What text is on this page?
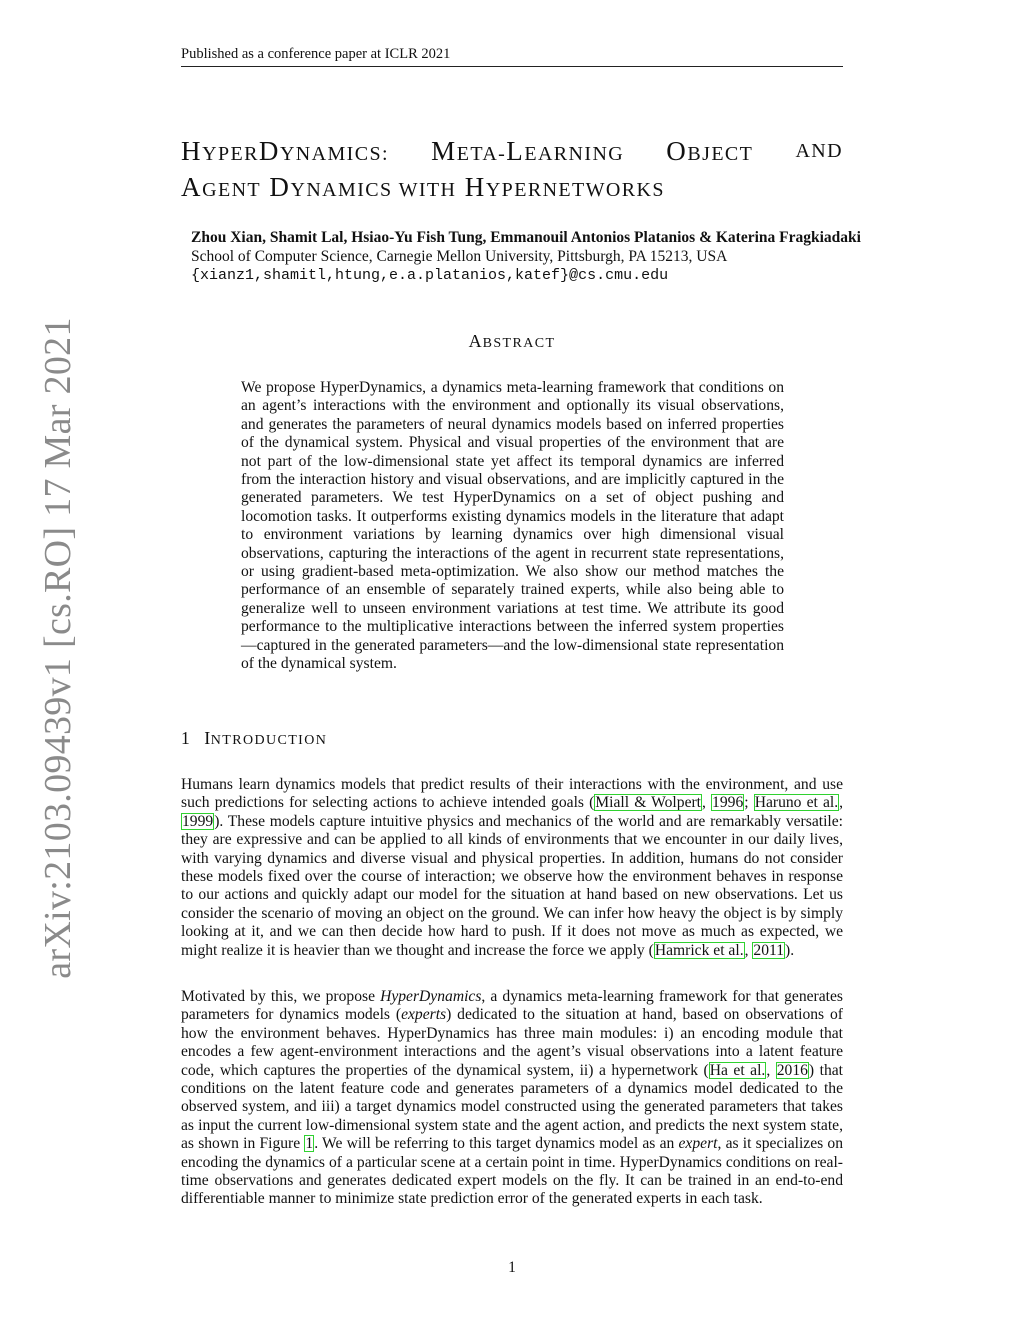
Published as a conference paper at ICLR 2021
arXiv:2103.09439v1 [cs.RO] 17 Mar 2021
HYPERDYNAMICS: META-LEARNING OBJECT AND
AGENT DYNAMICS WITH HYPERNETWORKS
Zhou Xian, Shamit Lal, Hsiao-Yu Fish Tung, Emmanouil Antonios Platanios & Katerina Fragkiadaki
School of Computer Science, Carnegie Mellon University, Pittsburgh, PA 15213, USA
{xianz1,shamitl,htung,e.a.platanios,katef}@cs.cmu.edu
ABSTRACT
We propose HyperDynamics, a dynamics meta-learning framework that conditions on an agent’s interactions with the environment and optionally its visual observations, and generates the parameters of neural dynamics models based on inferred properties of the dynamical system. Physical and visual properties of the environment that are not part of the low-dimensional state yet affect its temporal dynamics are inferred from the interaction history and visual observations, and are implicitly captured in the generated parameters. We test HyperDynamics on a set of object pushing and locomotion tasks. It outperforms existing dynamics models in the literature that adapt to environment variations by learning dynamics over high dimensional visual observations, capturing the interactions of the agent in recurrent state representations, or using gradient-based meta-optimization. We also show our method matches the performance of an ensemble of separately trained experts, while also being able to generalize well to unseen environment variations at test time. We attribute its good performance to the multiplicative interactions between the inferred system properties—captured in the generated parameters—and the low-dimensional state representation of the dynamical system.
1 INTRODUCTION
Humans learn dynamics models that predict results of their interactions with the environment, and use such predictions for selecting actions to achieve intended goals (Miall & Wolpert, 1996; Haruno et al., 1999). These models capture intuitive physics and mechanics of the world and are remarkably versatile: they are expressive and can be applied to all kinds of environments that we encounter in our daily lives, with varying dynamics and diverse visual and physical properties. In addition, humans do not consider these models fixed over the course of interaction; we observe how the environment behaves in response to our actions and quickly adapt our model for the situation at hand based on new observations. Let us consider the scenario of moving an object on the ground. We can infer how heavy the object is by simply looking at it, and we can then decide how hard to push. If it does not move as much as expected, we might realize it is heavier than we thought and increase the force we apply (Hamrick et al., 2011).
Motivated by this, we propose HyperDynamics, a dynamics meta-learning framework for that generates parameters for dynamics models (experts) dedicated to the situation at hand, based on observations of how the environment behaves. HyperDynamics has three main modules: i) an encoding module that encodes a few agent-environment interactions and the agent’s visual observations into a latent feature code, which captures the properties of the dynamical system, ii) a hypernetwork (Ha et al., 2016) that conditions on the latent feature code and generates parameters of a dynamics model dedicated to the observed system, and iii) a target dynamics model constructed using the generated parameters that takes as input the current low-dimensional system state and the agent action, and predicts the next system state, as shown in Figure 1. We will be referring to this target dynamics model as an expert, as it specializes on encoding the dynamics of a particular scene at a certain point in time. HyperDynamics conditions on real-time observations and generates dedicated expert models on the fly. It can be trained in an end-to-end differentiable manner to minimize state prediction error of the generated experts in each task.
1
